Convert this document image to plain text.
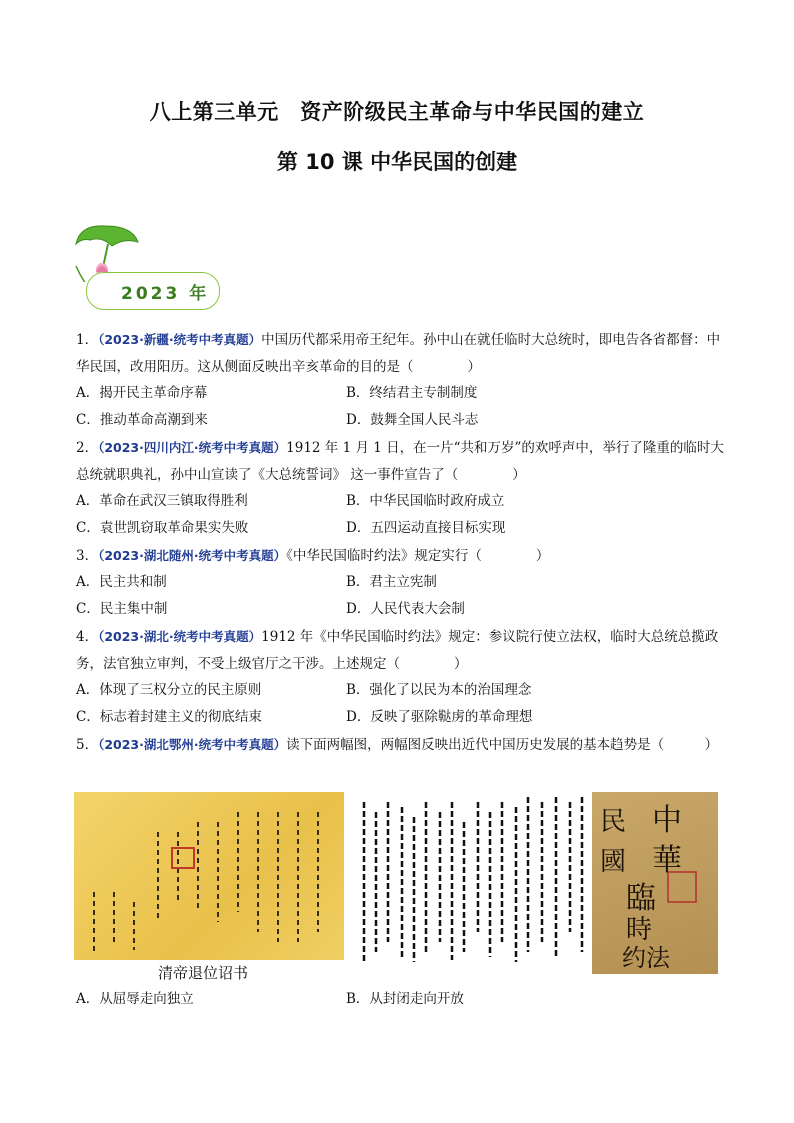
八上第三单元　资产阶级民主革命与中华民国的建立
第 10 课 中华民国的创建
2023 年
1．（2023·新疆·统考中考真题）中国历代都采用帝王纪年。孙中山在就任临时大总统时，即电告各省都督：中华民国，改用阳历。这从侧面反映出辛亥革命的目的是（　　　　）
A．揭开民主革命序幕	B．终结君主专制制度
C．推动革命高潮到来	D．鼓舞全国人民斗志
2．（2023·四川内江·统考中考真题）1912 年 1 月 1 日，在一片“共和万岁”的欢呼声中，举行了隆重的临时大总统就职典礼，孙中山宣读了《大总统誓词》 这一事件宣告了（　　　　）
A．革命在武汉三镇取得胜利	B．中华民国临时政府成立
C．袁世凯窃取革命果实失败	D．五四运动直接目标实现
3．（2023·湖北随州·统考中考真题）《中华民国临时约法》规定实行（　　　　）
A．民主共和制	B．君主立宪制
C．民主集中制	D．人民代表大会制
4．（2023·湖北·统考中考真题）1912 年《中华民国临时约法》规定：参议院行使立法权，临时大总统总揽政务，法官独立审判，不受上级官厅之干涉。上述规定（　　　　）
A．体现了三权分立的民主原则	B．强化了以民为本的治国理念
C．标志着封建主义的彻底结束	D．反映了驱除鞑虏的革命理想
5．（2023·湖北鄂州·统考中考真题）读下面两幅图，两幅图反映出近代中国历史发展的基本趋势是（　　　）
清帝退位诏书
中
民
華
國
臨
時
约法
A．从屈辱走向独立	B．从封闭走向开放
